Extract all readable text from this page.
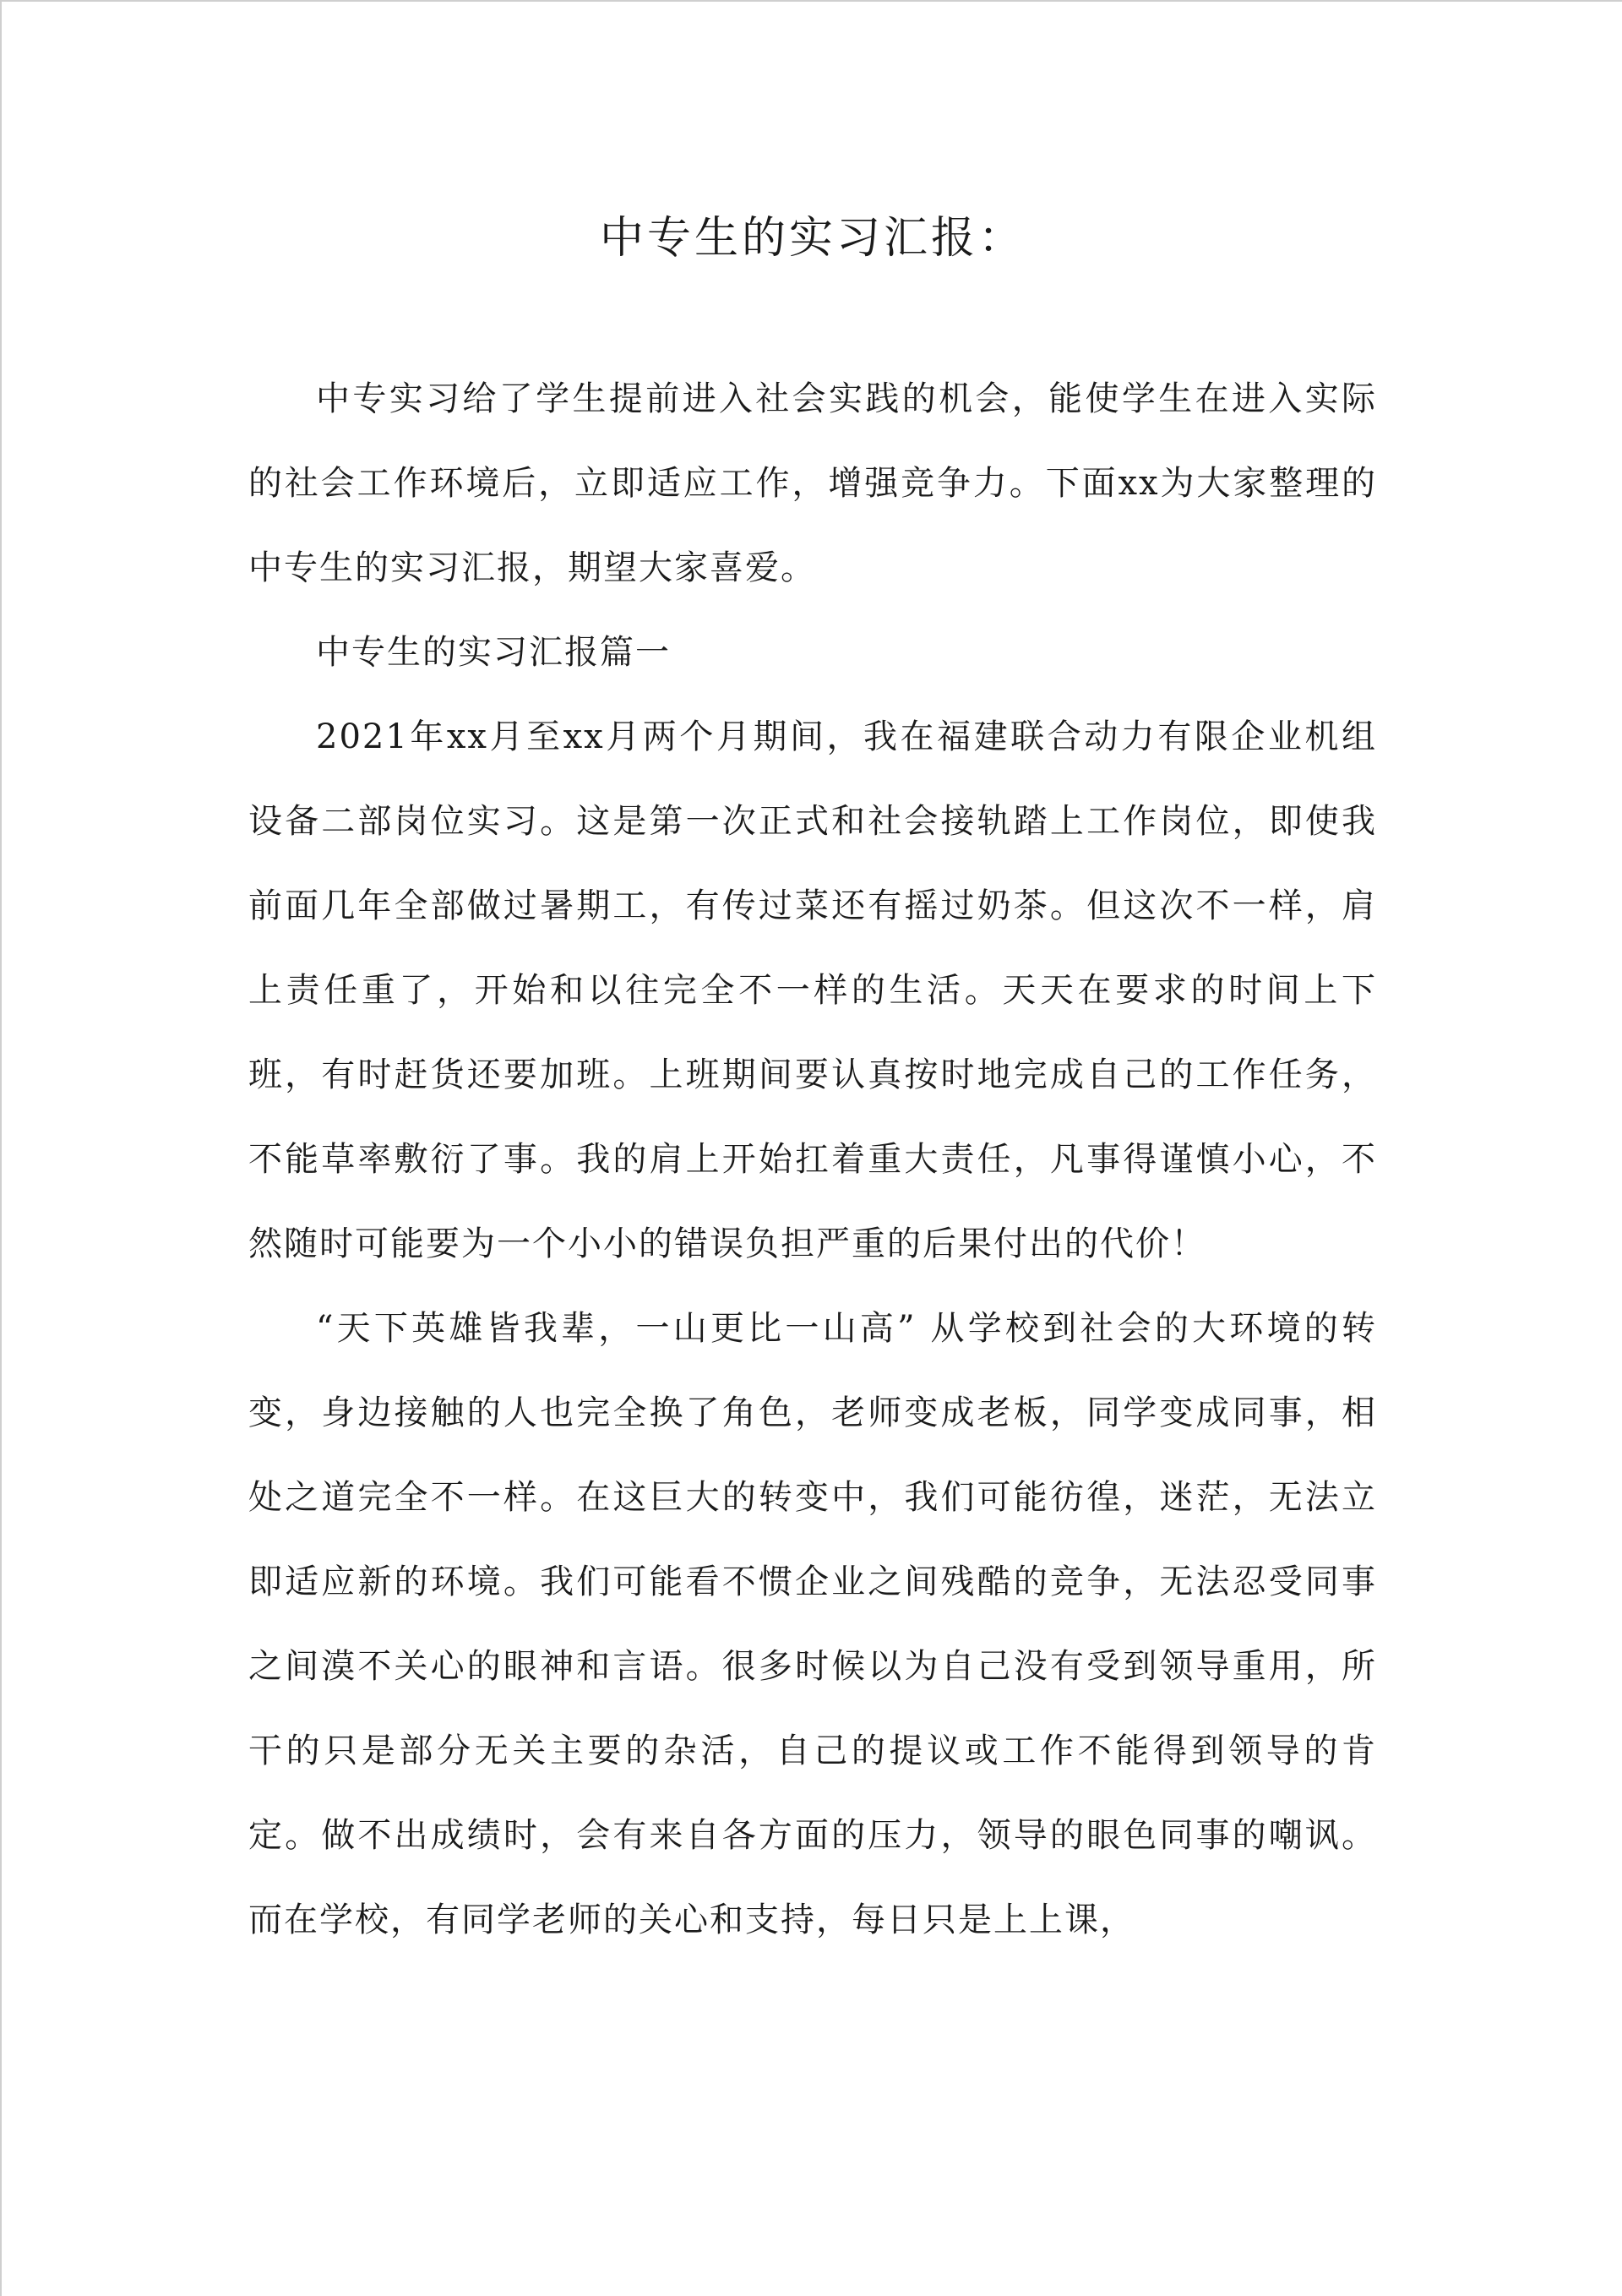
中专生的实习汇报：

中专实习给了学生提前进入社会实践的机会，能使学生在进入实际的社会工作环境后，立即适应工作，增强竞争力。下面xx为大家整理的中专生的实习汇报，期望大家喜爱。

中专生的实习汇报篇一

2021年xx月至xx月两个月期间，我在福建联合动力有限企业机组设备二部岗位实习。这是第一次正式和社会接轨踏上工作岗位，即使我前面几年全部做过暑期工，有传过菜还有摇过奶茶。但这次不一样，肩上责任重了，开始和以往完全不一样的生活。天天在要求的时间上下班，有时赶货还要加班。上班期间要认真按时地完成自己的工作任务，不能草率敷衍了事。我的肩上开始扛着重大责任，凡事得谨慎小心，不然随时可能要为一个小小的错误负担严重的后果付出的代价！

“天下英雄皆我辈，一山更比一山高” 从学校到社会的大环境的转变，身边接触的人也完全换了角色，老师变成老板，同学变成同事，相处之道完全不一样。在这巨大的转变中，我们可能彷徨，迷茫，无法立即适应新的环境。我们可能看不惯企业之间残酷的竞争，无法忍受同事之间漠不关心的眼神和言语。很多时候以为自己没有受到领导重用，所干的只是部分无关主要的杂活，自己的提议或工作不能得到领导的肯定。做不出成绩时，会有来自各方面的压力，领导的眼色同事的嘲讽。而在学校，有同学老师的关心和支持，每日只是上上课，
